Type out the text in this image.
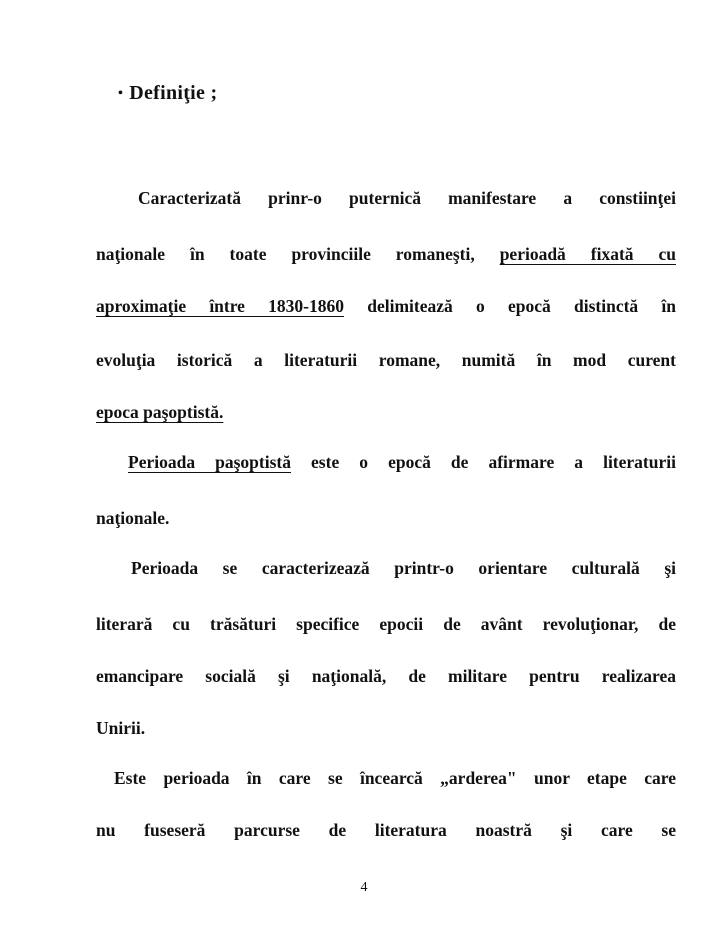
• Definiţie ;
Caracterizată prinr-o puternică manifestare a constiinţei
naţionale în toate provinciile romaneşti, perioadă fixată cu
aproximaţie între 1830-1860 delimitează o epocă distinctă în
evoluţia istorică a literaturii romane, numită în mod curent
epoca paşoptistă.
Perioada paşoptistă este o epocă de afirmare a literaturii
naţionale.
Perioada se caracterizează printr-o orientare culturală şi
literară cu trăsături specifice epocii de avânt revoluţionar, de
emancipare socială şi naţională, de militare pentru realizarea
Unirii.
Este perioada în care se încearcă „arderea" unor etape care
nu fuseseră parcurse de literatura noastră şi care se
4
